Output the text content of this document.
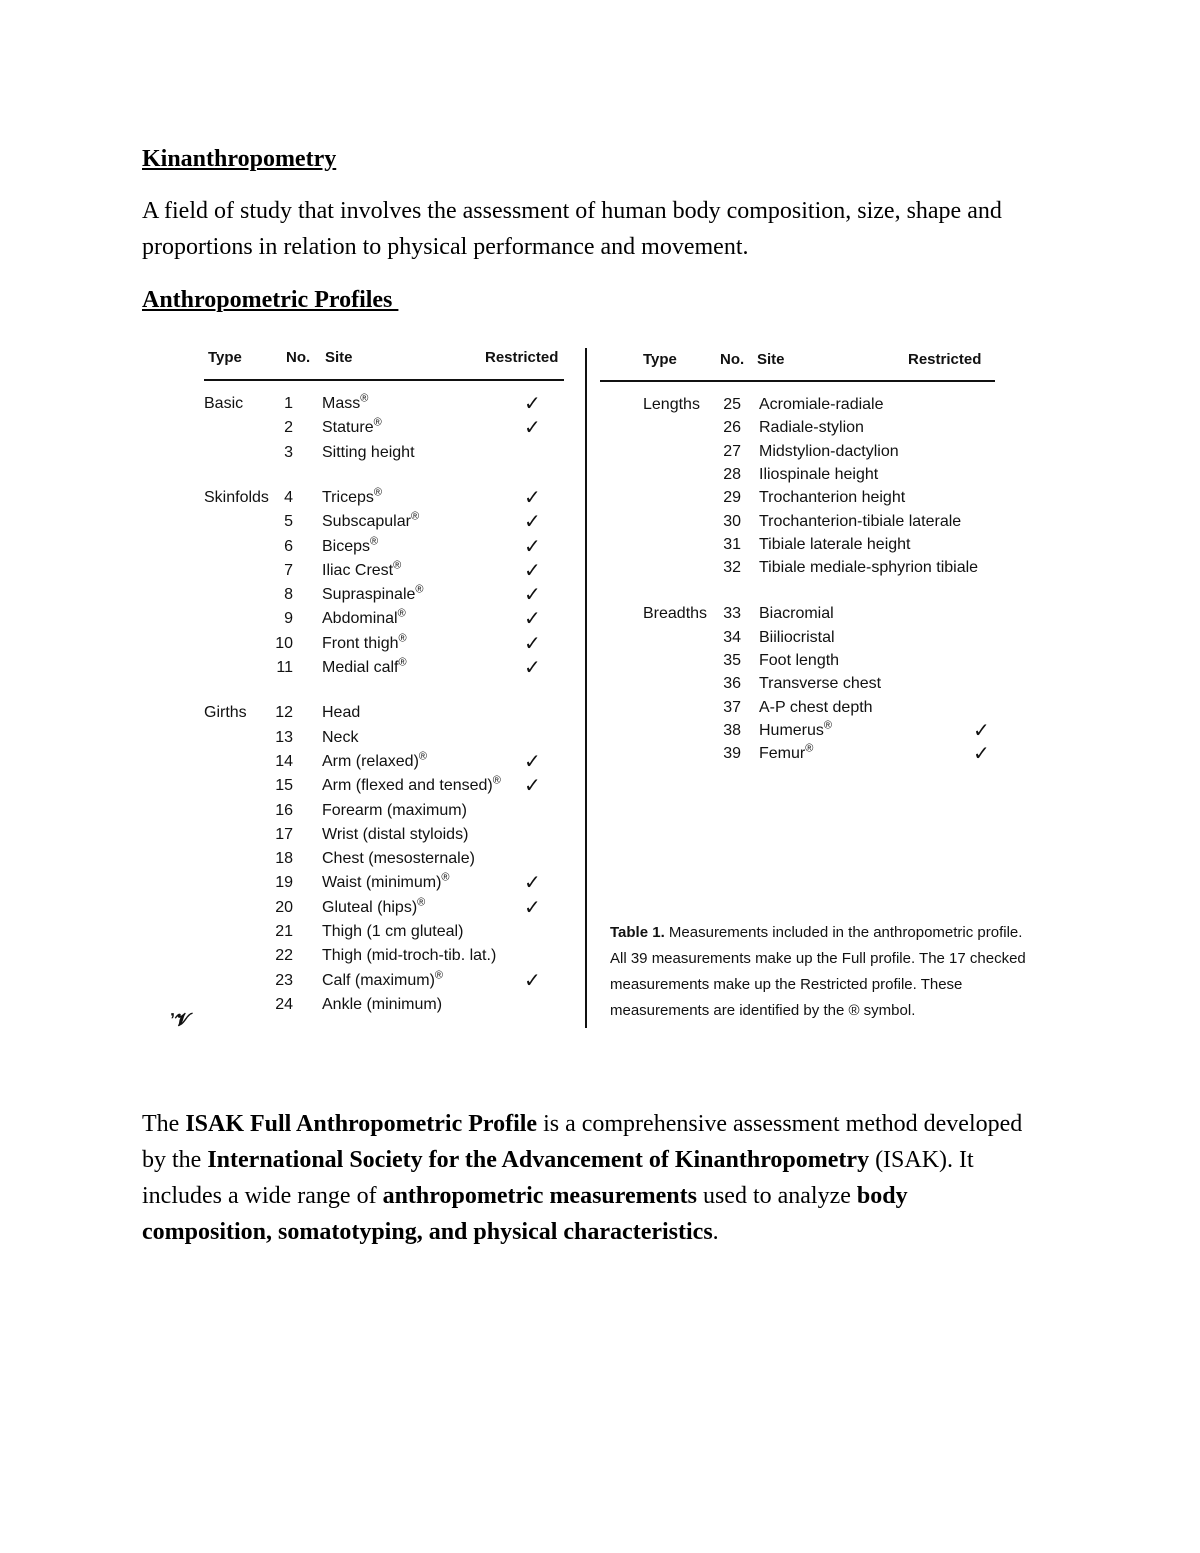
Kinanthropometry
A field of study that involves the assessment of human body composition, size, shape and proportions in relation to physical performance and movement.
Anthropometric Profiles
Type	No. Site	Restricted	Type	No. Site	Restricted
Basic	1 Mass®	✓
2 Stature®	✓
3 Sitting height
Skinfolds 4 Triceps®	✓
5 Subscapular®	✓
6 Biceps®	✓
7 Iliac Crest®	✓
8 Supraspinale®	✓
9 Abdominal®	✓
10 Front thigh®	✓
11 Medial calf®	✓
Girths	12 Head
13 Neck
14 Arm (relaxed)®	✓
15 Arm (flexed and tensed)® ✓
16 Forearm (maximum)
17 Wrist (distal styloids)
18 Chest (mesosternale)
19 Waist (minimum)®	✓
20 Gluteal (hips)®	✓
21 Thigh (1 cm gluteal)
22 Thigh (mid-troch-tib. lat.)
23 Calf (maximum)®	✓
24 Ankle (minimum)
Lengths	25 Acromiale-radiale
26 Radiale-stylion
27 Midstylion-dactylion
28 Iliospinale height
29 Trochanterion height
30 Trochanterion-tibiale laterale
31 Tibiale laterale height
32 Tibiale mediale-sphyrion tibiale
Breadths	33 Biacromial
34 Biiliocristal
35 Foot length
36 Transverse chest
37 A-P chest depth
38 Humerus®	✓
39 Femur®	✓
Table 1. Measurements included in the anthropometric profile. All 39 measurements make up the Full profile. The 17 checked measurements make up the Restricted profile. These measurements are identified by the ® symbol.
ʼ𝓥
The ISAK Full Anthropometric Profile is a comprehensive assessment method developed by the International Society for the Advancement of Kinanthropometry (ISAK). It includes a wide range of anthropometric measurements used to analyze body composition, somatotyping, and physical characteristics.
